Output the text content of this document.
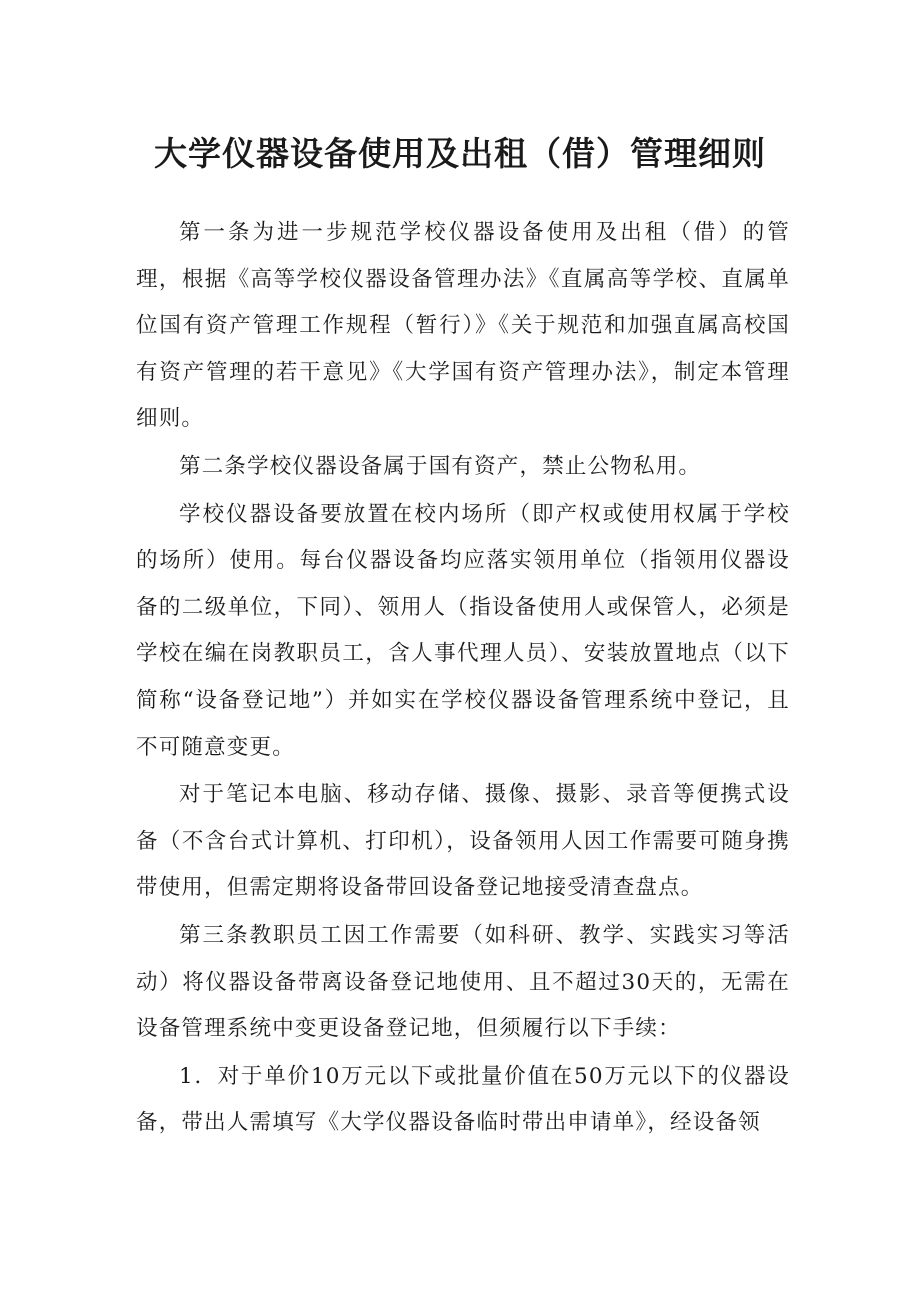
大学仪器设备使用及出租（借）管理细则

第一条为进一步规范学校仪器设备使用及出租（借）的管理，根据《高等学校仪器设备管理办法》《直属高等学校、直属单位国有资产管理工作规程（暂行）》《关于规范和加强直属高校国有资产管理的若干意见》《大学国有资产管理办法》，制定本管理细则。

第二条学校仪器设备属于国有资产，禁止公物私用。

学校仪器设备要放置在校内场所（即产权或使用权属于学校的场所）使用。每台仪器设备均应落实领用单位（指领用仪器设备的二级单位，下同）、领用人（指设备使用人或保管人，必须是学校在编在岗教职员工，含人事代理人员）、安装放置地点（以下简称“设备登记地”）并如实在学校仪器设备管理系统中登记，且不可随意变更。

对于笔记本电脑、移动存储、摄像、摄影、录音等便携式设备（不含台式计算机、打印机），设备领用人因工作需要可随身携带使用，但需定期将设备带回设备登记地接受清查盘点。

第三条教职员工因工作需要（如科研、教学、实践实习等活动）将仪器设备带离设备登记地使用、且不超过30天的，无需在设备管理系统中变更设备登记地，但须履行以下手续：

1．对于单价10万元以下或批量价值在50万元以下的仪器设备，带出人需填写《大学仪器设备临时带出申请单》，经设备领
